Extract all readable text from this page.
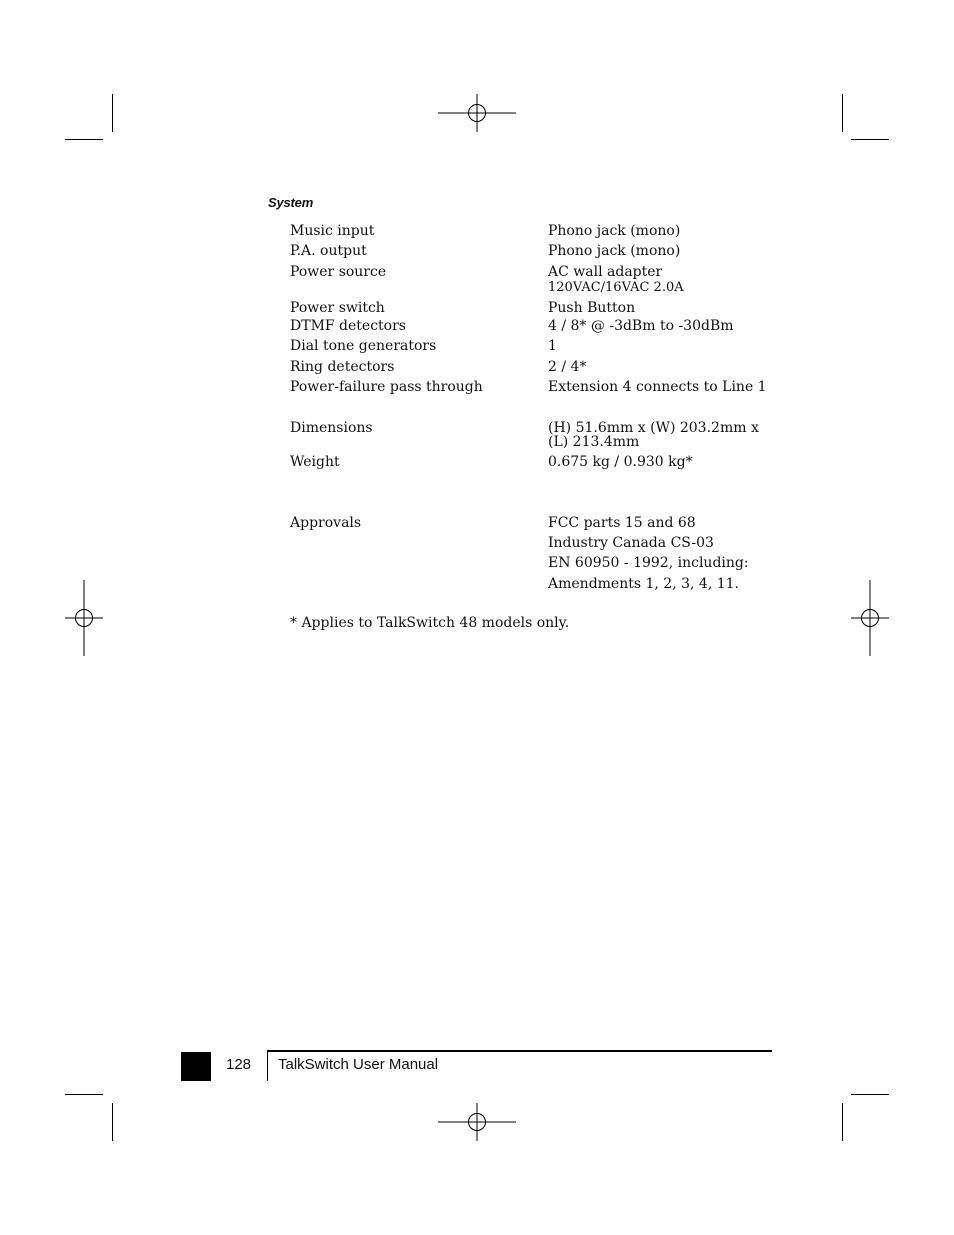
System
Music input	Phono jack (mono)
P.A. output	Phono jack (mono)
Power source	AC wall adapter
120VAC/16VAC 2.0A
Power switch	Push Button
DTMF detectors	4 / 8* @ -3dBm to -30dBm
Dial tone generators	1
Ring detectors	2 / 4*
Power-failure pass through	Extension 4 connects to Line 1
Dimensions	(H) 51.6mm x (W) 203.2mm x
(L) 213.4mm
Weight	0.675 kg / 0.930 kg*
Approvals	FCC parts 15 and 68
Industry Canada CS-03
EN 60950 - 1992, including:
Amendments 1, 2, 3, 4, 11.
* Applies to TalkSwitch 48 models only.
128 TalkSwitch User Manual
